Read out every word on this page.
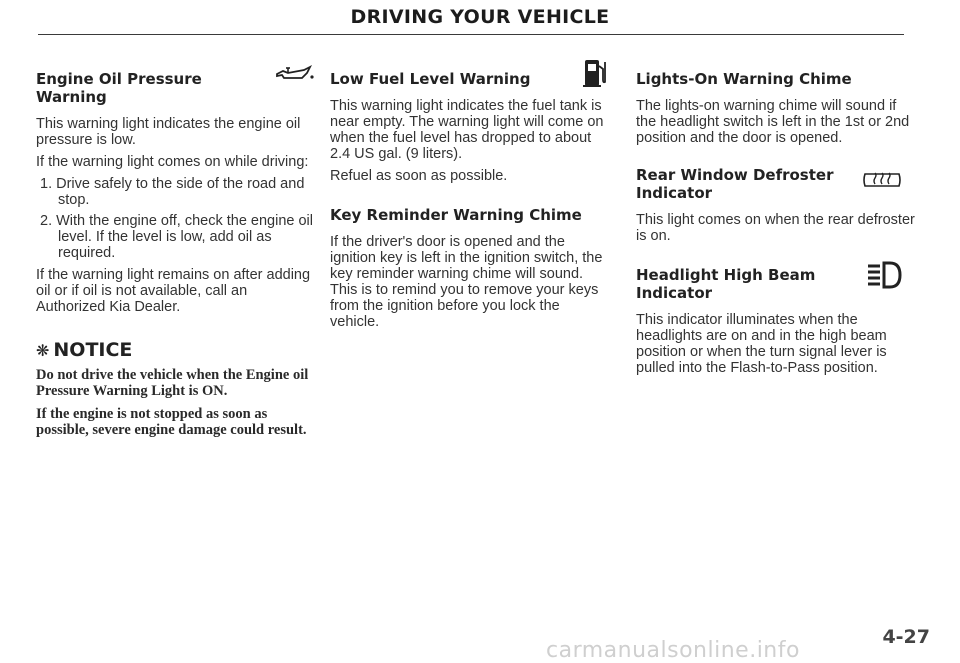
DRIVING YOUR VEHICLE
Engine Oil Pressure Warning

This warning light indicates the engine oil pressure is low.

If the warning light comes on while driving:

1. Drive safely to the side of the road and stop.
2. With the engine off, check the engine oil level. If the level is low, add oil as required.

If the warning light remains on after adding oil or if oil is not available, call an Authorized Kia Dealer.

❋ NOTICE

Do not drive the vehicle when the Engine oil Pressure Warning Light is ON.

If the engine is not stopped as soon as possible, severe engine damage could result.

Low Fuel Level Warning

This warning light indicates the fuel tank is near empty. The warning light will come on when the fuel level has dropped to about 2.4 US gal. (9 liters).

Refuel as soon as possible.

Key Reminder Warning Chime

If the driver's door is opened and the ignition key is left in the ignition switch, the key reminder warning chime will sound. This is to remind you to remove your keys from the ignition before you lock the vehicle.

Lights-On Warning Chime

The lights-on warning chime will sound if the headlight switch is left in the 1st or 2nd position and the door is opened.

Rear Window Defroster
Indicator

This light comes on when the rear defroster is on.

Headlight High Beam
Indicator

This indicator illuminates when the headlights are on and in the high beam position or when the turn signal lever is pulled into the Flash-to-Pass position.

4-27
carmanualsonline.info
